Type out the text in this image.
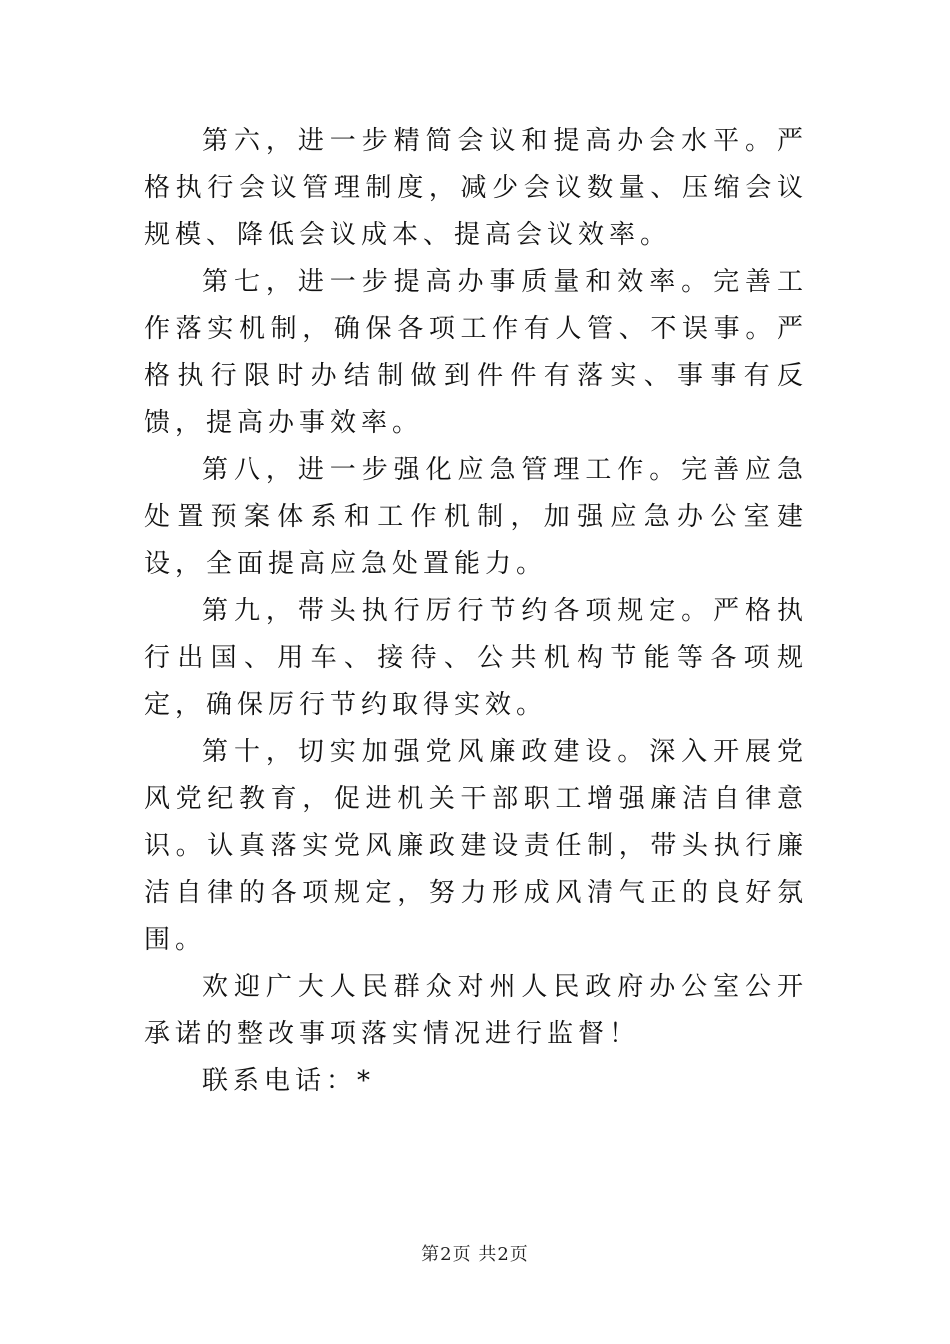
第六，进一步精简会议和提高办会水平。严格执行会议管理制度，减少会议数量、压缩会议规模、降低会议成本、提高会议效率。

第七，进一步提高办事质量和效率。完善工作落实机制，确保各项工作有人管、不误事。严格执行限时办结制做到件件有落实、事事有反馈，提高办事效率。

第八，进一步强化应急管理工作。完善应急处置预案体系和工作机制，加强应急办公室建设，全面提高应急处置能力。

第九，带头执行厉行节约各项规定。严格执行出国、用车、接待、公共机构节能等各项规定，确保厉行节约取得实效。

第十，切实加强党风廉政建设。深入开展党风党纪教育，促进机关干部职工增强廉洁自律意识。认真落实党风廉政建设责任制，带头执行廉洁自律的各项规定，努力形成风清气正的良好氛围。

欢迎广大人民群众对州人民政府办公室公开承诺的整改事项落实情况进行监督！

联系电话：*

第2页 共2页
